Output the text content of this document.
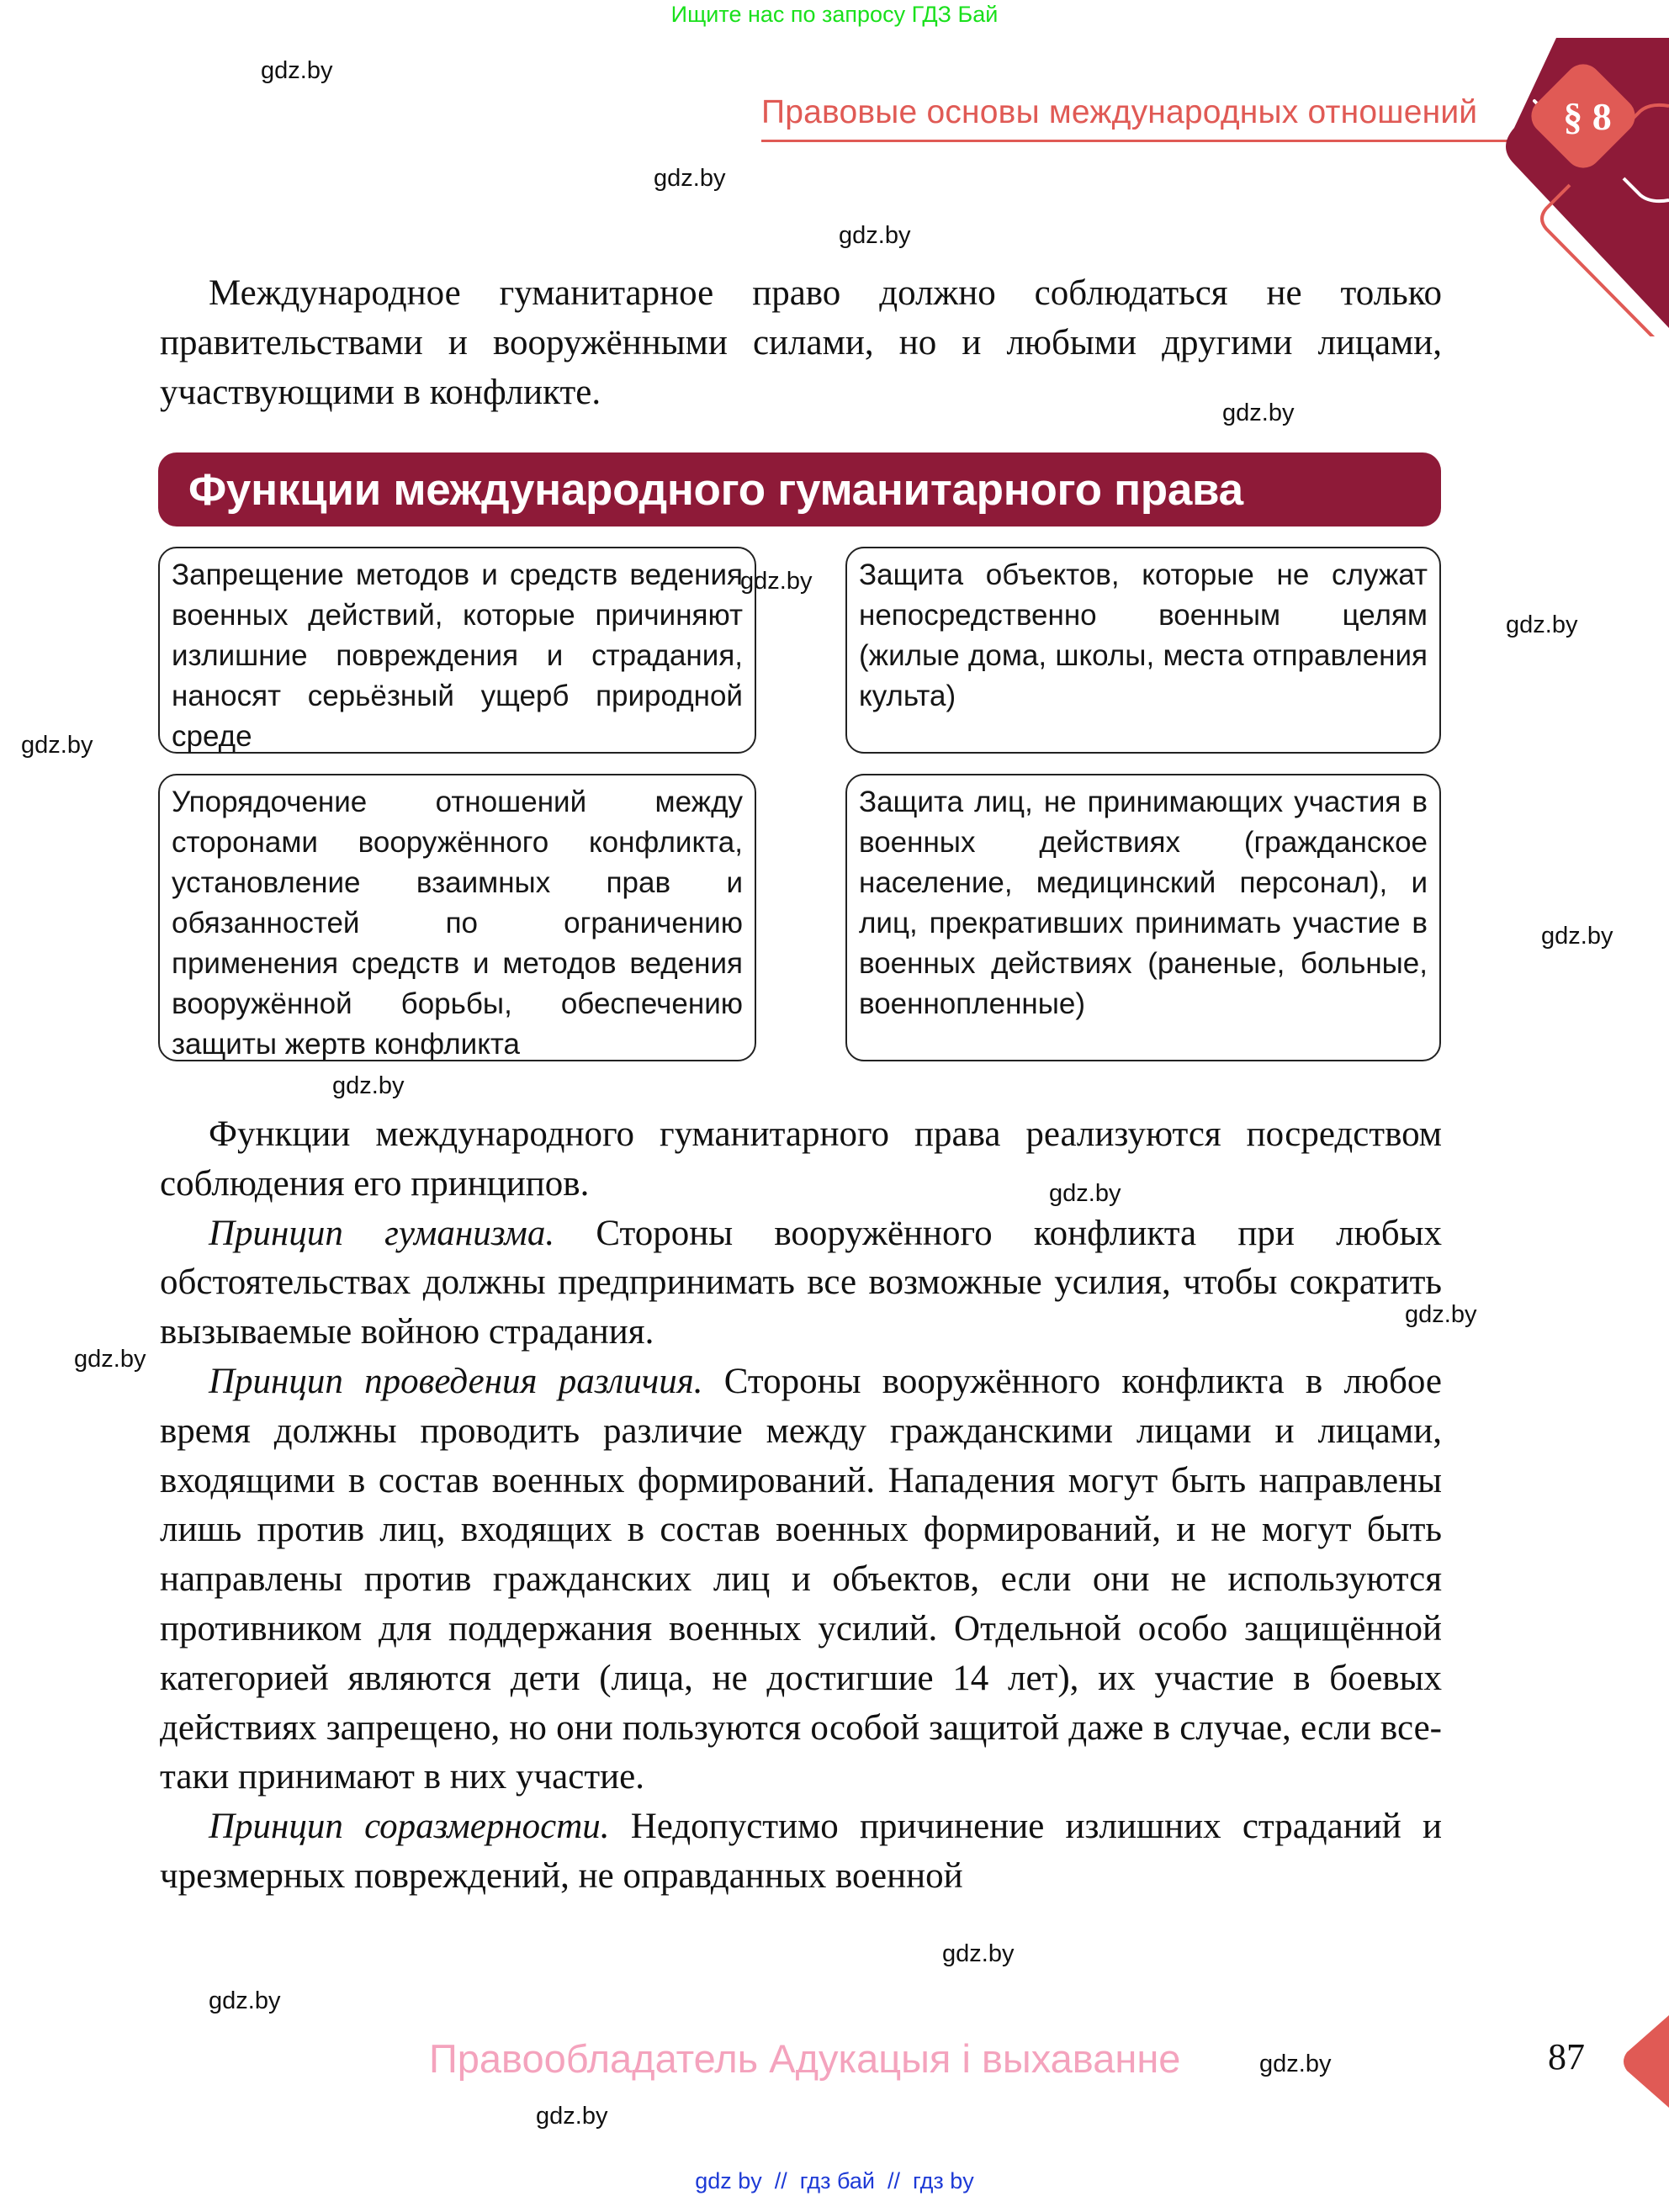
Ищите нас по запросу ГДЗ Бай
gdz.by
gdz.by
gdz.by
gdz.by
gdz.by
gdz.by
gdz.by
gdz.by
gdz.by
gdz.by
gdz.by
gdz.by
gdz.by
gdz.by
gdz.by
gdz.by
Правовые основы международных отношений	§ 8

Международное гуманитарное право должно соблюдаться не только правительствами и вооружёнными силами, но и любыми другими лицами, участвующими в конфликте.

Функции международного гуманитарного права
Запрещение методов и средств ведения военных действий, которые причиняют излишние повреждения и страдания, наносят серьёзный ущерб природной среде
Защита объектов, которые не служат непосредственно военным целям (жилые дома, школы, места отправления культа)
Упорядочение отношений между сторонами вооружённого конфликта, установление взаимных прав и обязанностей по ограничению применения средств и методов ведения вооружённой борьбы, обеспечению защиты жертв конфликта
Защита лиц, не принимающих участия в военных действиях (гражданское население, медицинский персонал), и лиц, прекративших принимать участие в военных действиях (раненые, больные, военнопленные)

Функции международного гуманитарного права реализуются посредством соблюдения его принципов.

Принцип гуманизма. Стороны вооружённого конфликта при любых обстоятельствах должны предпринимать все возможные усилия, чтобы сократить вызываемые войною страдания.

Принцип проведения различия. Стороны вооружённого конфликта в любое время должны проводить различие между гражданскими лицами и лицами, входящими в состав военных формирований. Нападения могут быть направлены лишь против лиц, входящих в состав военных формирований, и не могут быть направлены против гражданских лиц и объектов, если они не используются противником для поддержания военных усилий. Отдельной особо защищённой категорией являются дети (лица, не достигшие 14 лет), их участие в боевых действиях запрещено, но они пользуются особой защитой даже в случае, если все-таки принимают в них участие.

Принцип соразмерности. Недопустимо причинение излишних страданий и чрезмерных повреждений, не оправданных военной

Правообладатель Адукацыя і выхаванне	87
gdz by  //  гдз бай  //  гдз by
